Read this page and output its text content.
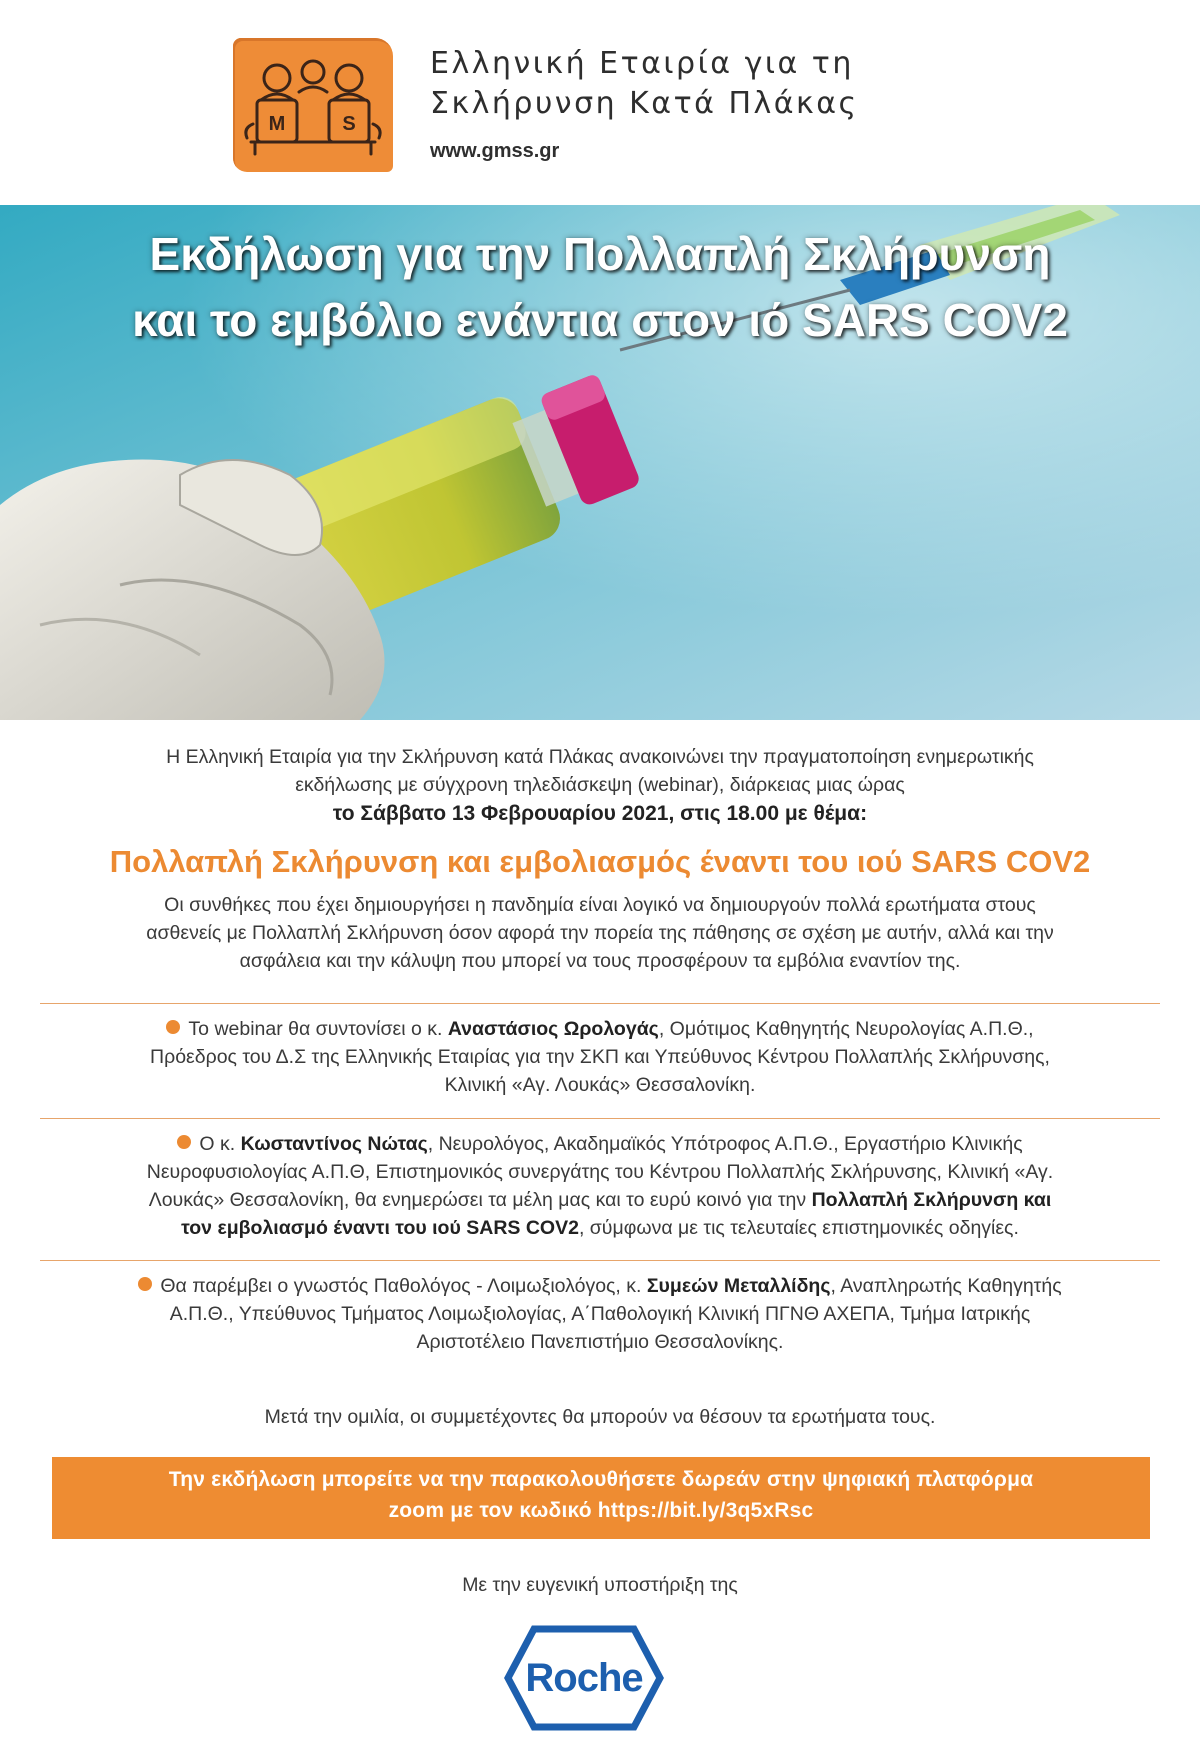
M	S
Ελληνική Εταιρία για τη
Σκλήρυνση Κατά Πλάκας
www.gmss.gr
Εκδήλωση για την Πολλαπλή Σκλήρυνση
και το εμβόλιο ενάντια στον ιό SARS COV2

Η Ελληνική Εταιρία για την Σκλήρυνση κατά Πλάκας ανακοινώνει την πραγματοποίηση ενημερωτικής

εκδήλωσης με σύγχρονη τηλεδιάσκεψη (webinar), διάρκειας μιας ώρας

το Σάββατο 13 Φεβρουαρίου 2021, στις 18.00 με θέμα:
Πολλαπλή Σκλήρυνση και εμβολιασμός έναντι του ιού SARS COV2

Οι συνθήκες που έχει δημιουργήσει η πανδημία είναι λογικό να δημιουργούν πολλά ερωτήματα στους

ασθενείς με Πολλαπλή Σκλήρυνση όσον αφορά την πορεία της πάθησης σε σχέση με αυτήν, αλλά και την

ασφάλεια και την κάλυψη που μπορεί να τους προσφέρουν τα εμβόλια εναντίον της.

Το webinar θα συντονίσει ο κ. Αναστάσιος Ωρολογάς, Ομότιμος Καθηγητής Νευρολογίας Α.Π.Θ.,

Πρόεδρος του Δ.Σ της Ελληνικής Εταιρίας για την ΣΚΠ και Υπεύθυνος Κέντρου Πολλαπλής Σκλήρυνσης,

Κλινική «Αγ. Λουκάς» Θεσσαλονίκη.

Ο κ. Κωσταντίνος Νώτας, Νευρολόγος, Ακαδημαϊκός Υπότροφος Α.Π.Θ., Εργαστήριο Κλινικής

Νευροφυσιολογίας Α.Π.Θ, Επιστημονικός συνεργάτης του Κέντρου Πολλαπλής Σκλήρυνσης, Κλινική «Αγ.

Λουκάς» Θεσσαλονίκη, θα ενημερώσει τα μέλη μας και το ευρύ κοινό για την Πολλαπλή Σκλήρυνση και

τον εμβολιασμό έναντι του ιού SARS COV2, σύμφωνα με τις τελευταίες επιστημονικές οδηγίες.

Θα παρέμβει ο γνωστός Παθολόγος - Λοιμωξιολόγος, κ. Συμεών Μεταλλίδης, Αναπληρωτής Καθηγητής

Α.Π.Θ., Υπεύθυνος Τμήματος Λοιμωξιολογίας, Α΄Παθολογική Κλινική ΠΓΝΘ ΑΧΕΠΑ, Τμήμα Ιατρικής

Αριστοτέλειο Πανεπιστήμιο Θεσσαλονίκης.

Μετά την ομιλία, οι συμμετέχοντες θα μπορούν να θέσουν τα ερωτήματα τους.

Την εκδήλωση μπορείτε να την παρακολουθήσετε δωρεάν στην ψηφιακή πλατφόρμα

zoom με τον κωδικό https://bit.ly/3q5xRsc

Με την ευγενική υποστήριξη της

Roche
